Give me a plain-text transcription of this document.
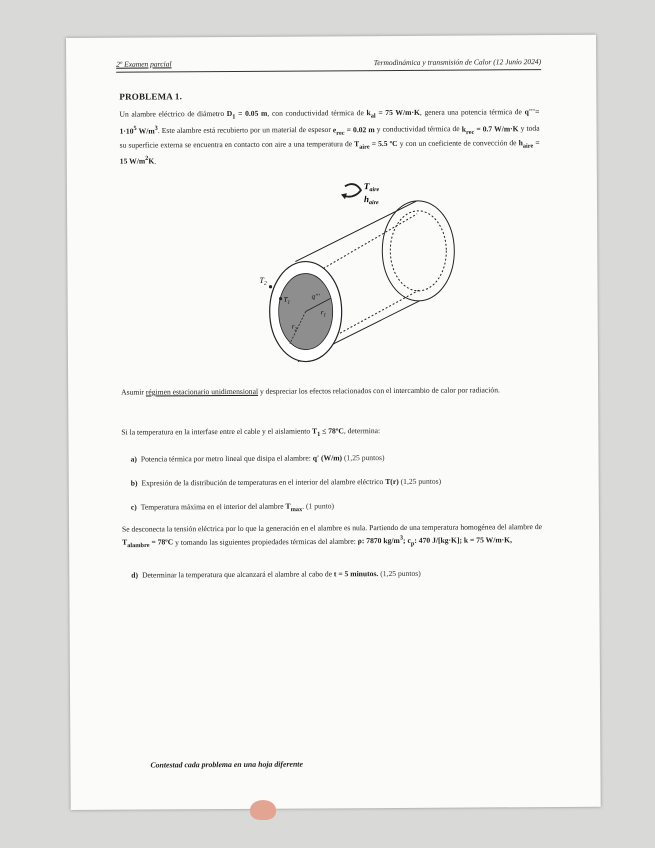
2º Examen parcial	Termodinámica y transmisión de Calor (12 Junio 2024)
PROBLEMA 1.
Un alambre eléctrico de diámetro $D_1 = 0.05$ m, con conductividad térmica de $k_{al} = 75$ W/m·K, genera una potencia térmica de $q'''= 1\cdot 10^5$ $W/m^3$. Este alambre está recubierto por un material de espesor $e_{rec} = 0.02$ m y conductividad térmica de $k_{rec} = 0.7$ W/m·K y toda su superficie externa se encuentra en contacto con aire a una temperatura de $T_{aire} = 5.5$ ºC y con un coeficiente de convección de $h_{aire} = 15$ $W/m^2K$.
$T_{aire}$
$h_{aire}$
$T_2$
$T_1$
q'''
$r_1$
$r_2$
Asumir régimen estacionario unidimensional y despreciar los efectos relacionados con el intercambio de calor por radiación.
Si la temperatura en la interfase entre el cable y el aislamiento $T_1$ ≤ 78ºC, determina:
a) Potencia térmica por metro lineal que disipa el alambre: q' (W/m) (1,25 puntos)
b) Expresión de la distribución de temperaturas en el interior del alambre eléctrico T(r) (1,25 puntos)
c) Temperatura máxima en el interior del alambre $T_{max}$. (1 punto)
Se desconecta la tensión eléctrica por lo que la generación en el alambre es nula. Partiendo de una temperatura homogénea del alambre de $T_{alambre}$ = 78ºC y tomando las siguientes propiedades térmicas del alambre: ρ: 7870 $kg/m^3$; $c_p$: 470 J/[kg·K]; k = 75 W/m·K,
d) Determinar la temperatura que alcanzará el alambre al cabo de t = 5 minutos. (1,25 puntos)
Contestad cada problema en una hoja diferente
